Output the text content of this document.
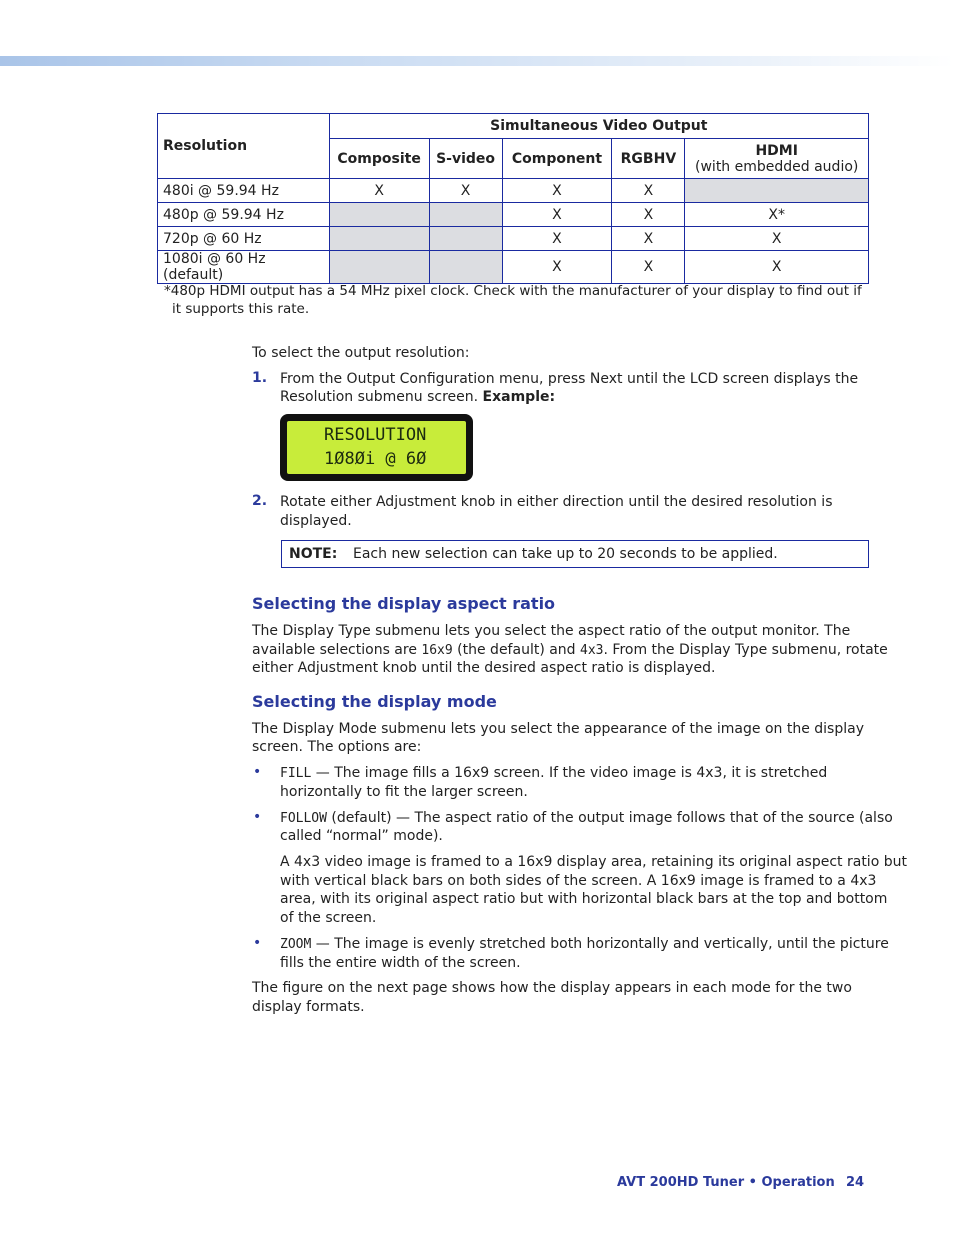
Resolution	Simultaneous Video Output				
	Composite	S-video	Component	RGBHV	HDMI
(with embedded audio)

480i @ 59.94 Hz	X	X	X	X	
480p @ 59.94 Hz			X	X	X*
720p @ 60 Hz			X	X	X
1080i @ 60 Hz (default)			X	X	X
*480p HDMI output has a 54 MHz pixel clock. Check with the manufacturer of your display to find out if
it supports this rate.
To select the output resolution:
1. From the Output Configuration menu, press Next until the LCD screen displays the
Resolution submenu screen. Example:
RESOLUTION
1Ø8Øi @ 6Ø
2. Rotate either Adjustment knob in either direction until the desired resolution is
displayed.
NOTE: Each new selection can take up to 20 seconds to be applied.
Selecting the display aspect ratio
The Display Type submenu lets you select the aspect ratio of the output monitor. The
available selections are 16x9 (the default) and 4x3. From the Display Type submenu, rotate
either Adjustment knob until the desired aspect ratio is displayed.
Selecting the display mode
The Display Mode submenu lets you select the appearance of the image on the display
screen. The options are:
• FILL — The image fills a 16x9 screen. If the video image is 4x3, it is stretched
horizontally to fit the larger screen.
• FOLLOW (default) — The aspect ratio of the output image follows that of the source (also
called “normal” mode).
A 4x3 video image is framed to a 16x9 display area, retaining its original aspect ratio but
with vertical black bars on both sides of the screen. A 16x9 image is framed to a 4x3
area, with its original aspect ratio but with horizontal black bars at the top and bottom
of the screen.
• ZOOM — The image is evenly stretched both horizontally and vertically, until the picture
fills the entire width of the screen.
The figure on the next page shows how the display appears in each mode for the two
display formats.
AVT 200HD Tuner • Operation 24
